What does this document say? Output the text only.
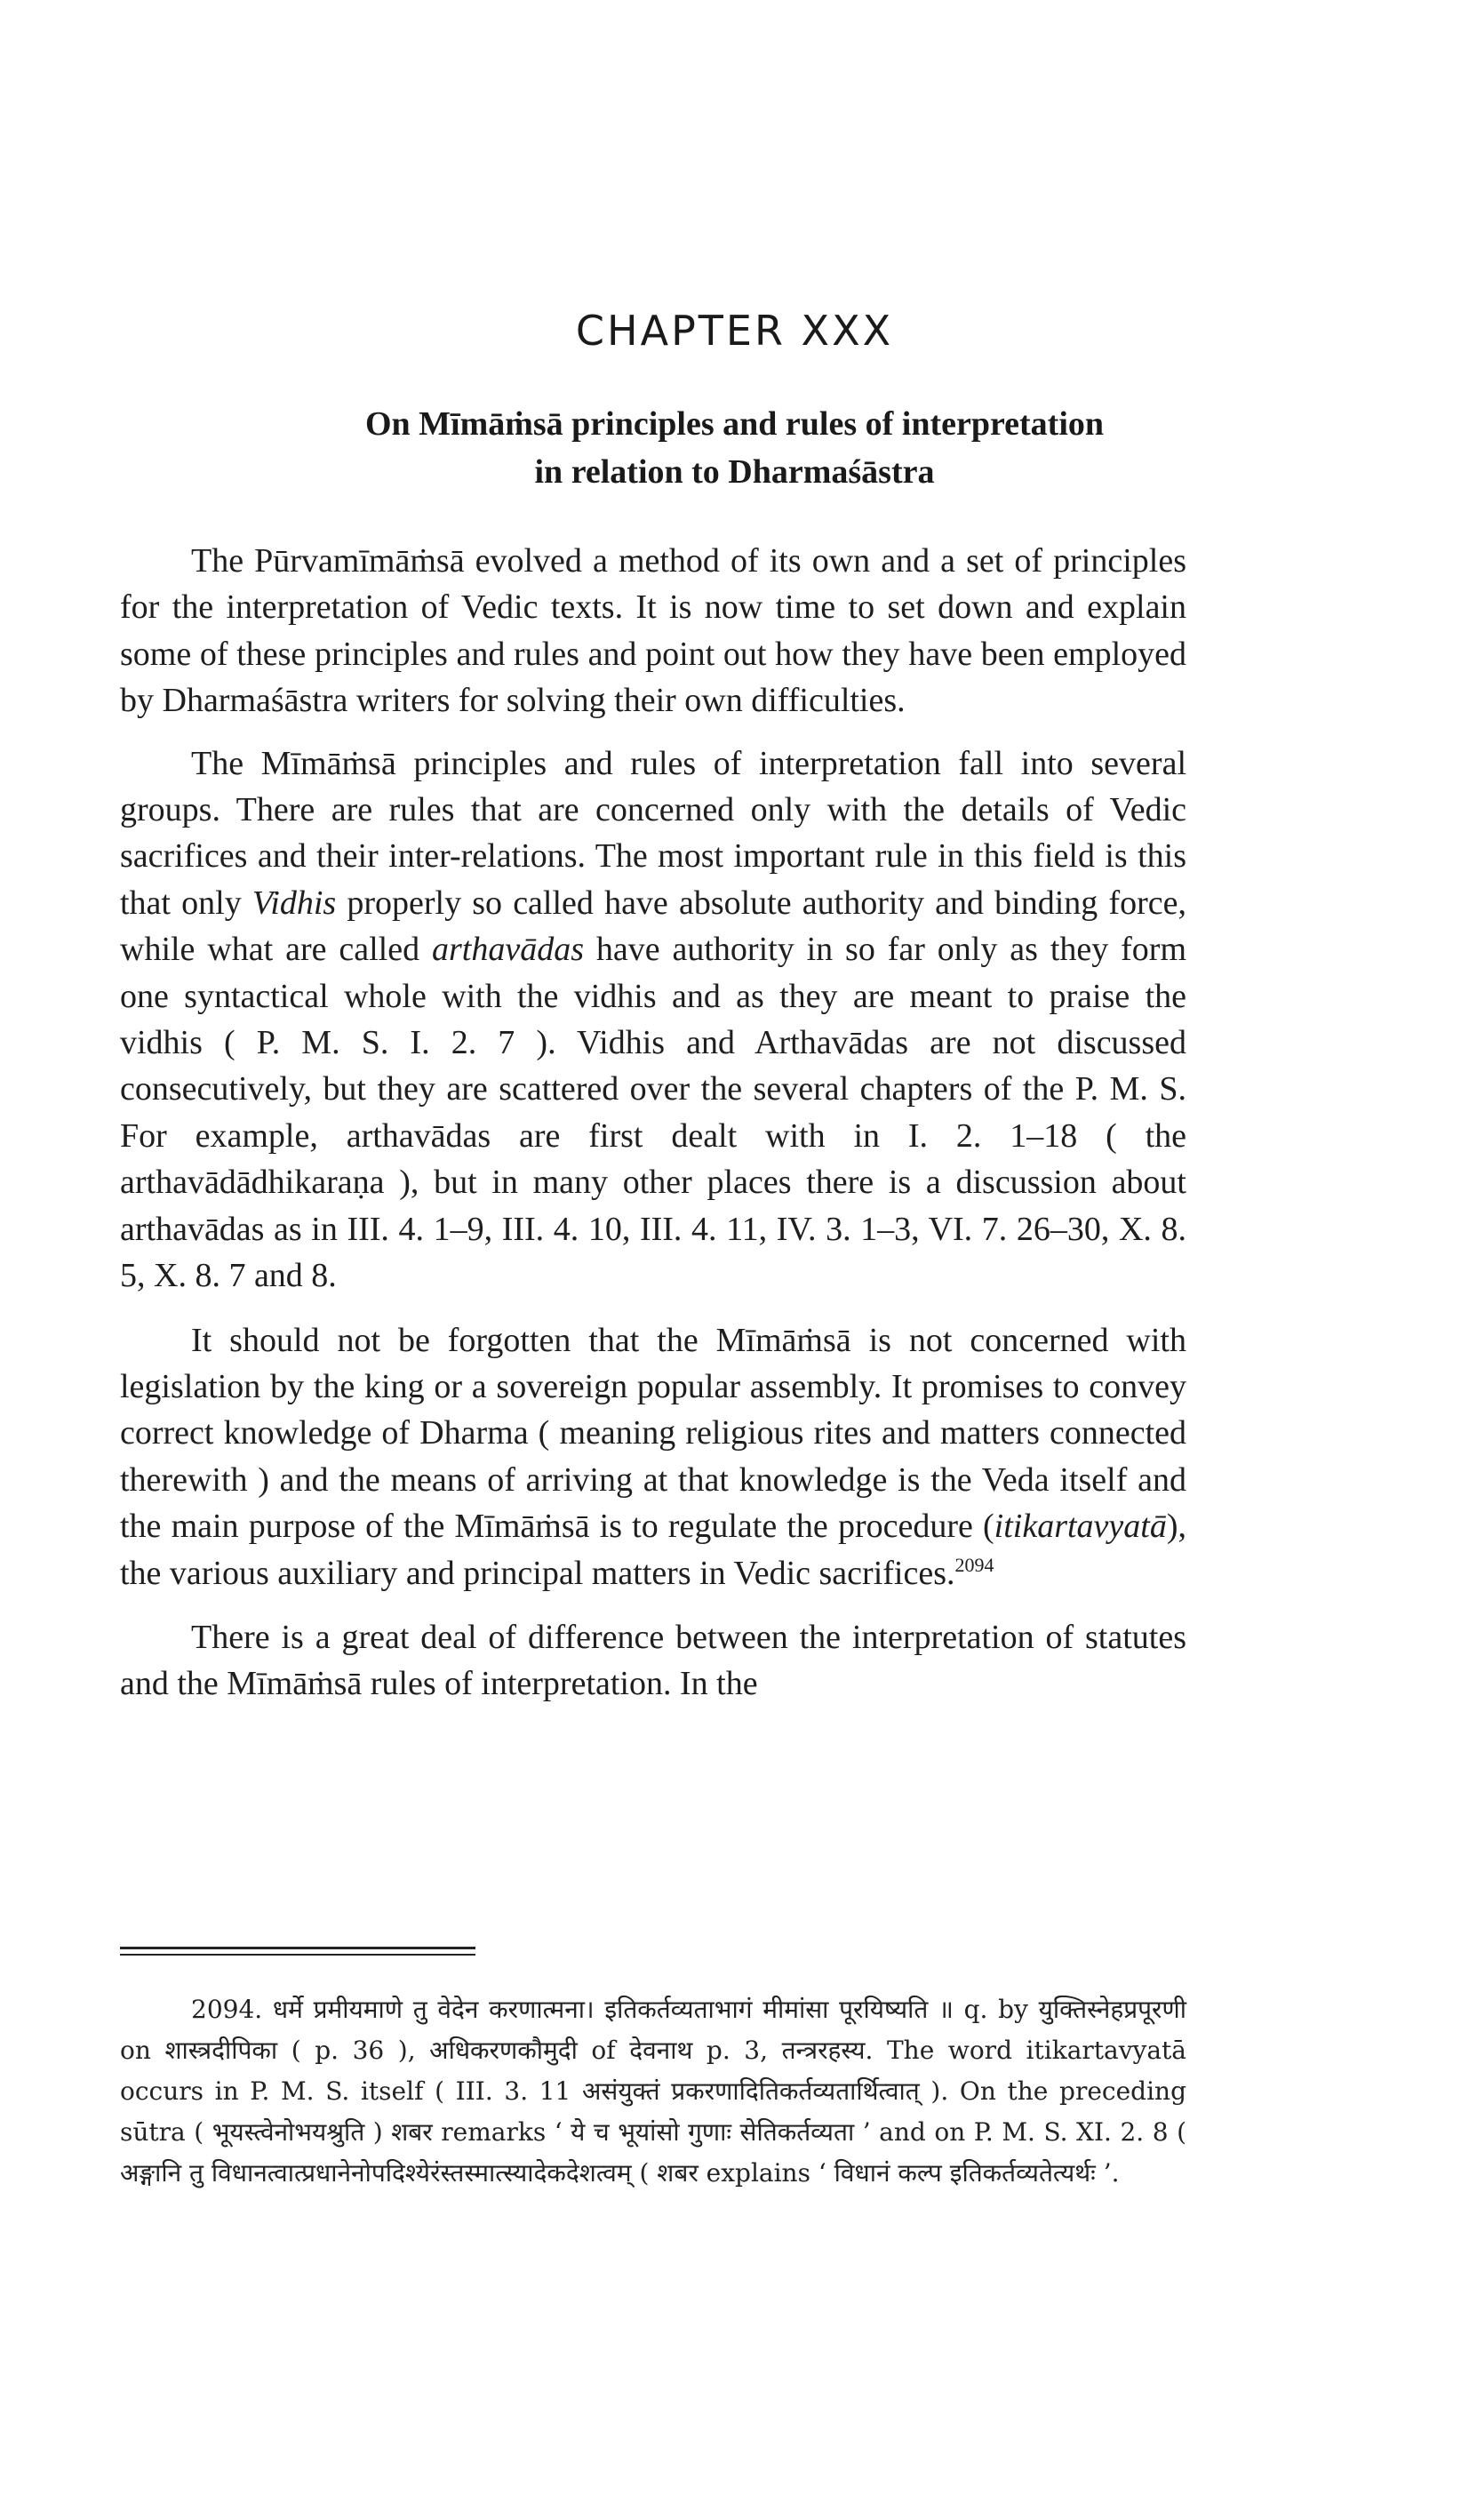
CHAPTER XXX
On Mīmāṁsā principles and rules of interpretation
in relation to Dharmaśāstra

The Pūrvamīmāṁsā evolved a method of its own and a set of principles for the interpretation of Vedic texts. It is now time to set down and explain some of these principles and rules and point out how they have been employed by Dharmaśāstra writers for solving their own difficulties.

The Mīmāṁsā principles and rules of interpretation fall into several groups. There are rules that are concerned only with the details of Vedic sacrifices and their inter-relations. The most important rule in this field is this that only Vidhis properly so called have absolute authority and binding force, while what are called arthavādas have authority in so far only as they form one syntactical whole with the vidhis and as they are meant to praise the vidhis ( P. M. S. I. 2. 7 ). Vidhis and Arthavādas are not discussed consecutively, but they are scattered over the several chapters of the P. M. S. For example, arthavādas are first dealt with in I. 2. 1–18 ( the arthavādādhikaraṇa ), but in many other places there is a discussion about arthavādas as in III. 4. 1–9, III. 4. 10, III. 4. 11, IV. 3. 1–3, VI. 7. 26–30, X. 8. 5, X. 8. 7 and 8.

It should not be forgotten that the Mīmāṁsā is not concerned with legislation by the king or a sovereign popular assembly. It promises to convey correct knowledge of Dharma ( meaning religious rites and matters connected therewith ) and the means of arriving at that knowledge is the Veda itself and the main purpose of the Mīmāṁsā is to regulate the procedure (itikartavyatā), the various auxiliary and principal matters in Vedic sacrifices.$^{2094}$

There is a great deal of difference between the interpretation of statutes and the Mīmāṁsā rules of interpretation. In the

2094. धर्मे प्रमीयमाणे तु वेदेन करणात्मना। इतिकर्तव्यताभागं मीमांसा पूरयिष्यति ॥ q. by युक्तिस्नेहप्रपूरणी on शास्त्रदीपिका ( p. 36 ), अधिकरणकौमुदी of देवनाथ p. 3, तन्त्ररहस्य. The word itikartavyatā occurs in P. M. S. itself ( III. 3. 11 असंयुक्तं प्रकरणादितिकर्तव्यतार्थित्वात् ). On the preceding sūtra ( भूयस्त्वेनोभयश्रुति ) शबर remarks ‘ ये च भूयांसो गुणाः सेतिकर्तव्यता ’ and on P. M. S. XI. 2. 8 ( अङ्गानि तु विधानत्वात्प्रधानेनोपदिश्येरंस्तस्मात्स्यादेकदेशत्वम् ( शबर explains ‘ विधानं कल्प इतिकर्तव्यतेत्यर्थः ’.
